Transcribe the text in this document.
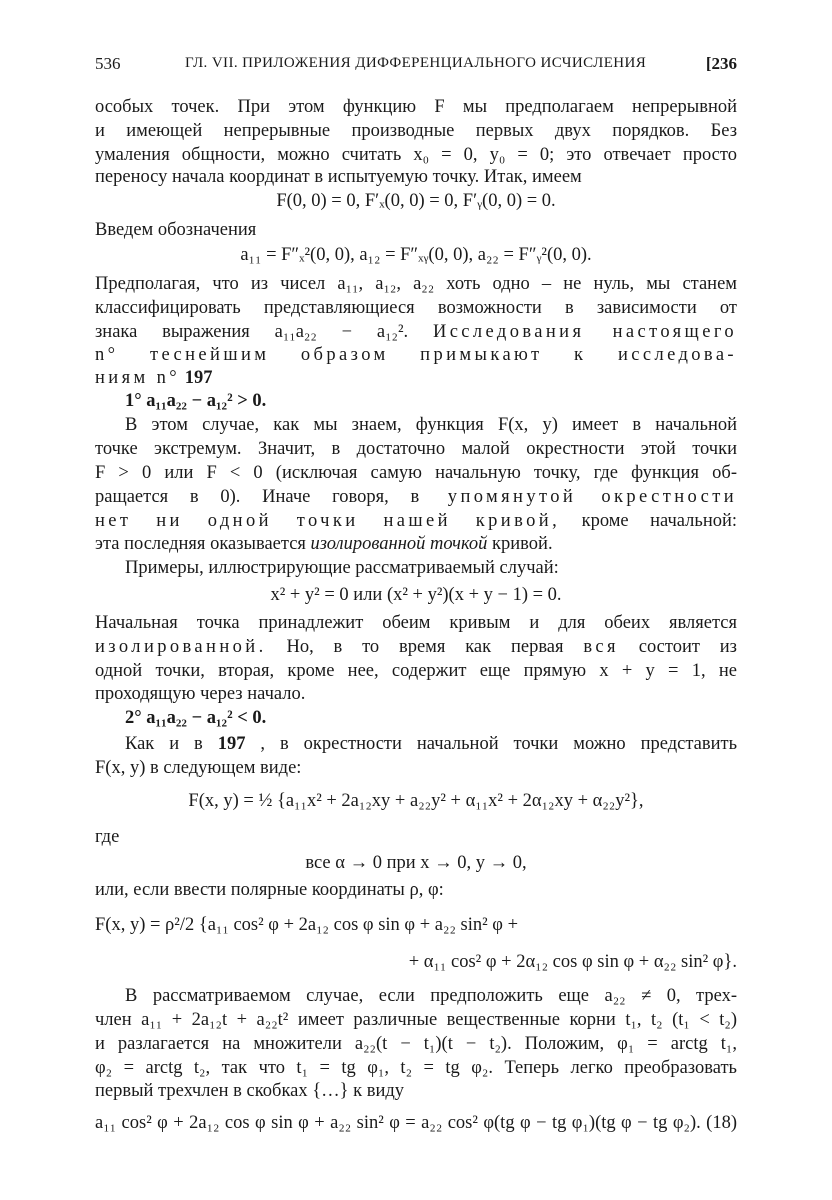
536	ГЛ. VII. ПРИЛОЖЕНИЯ ДИФФЕРЕНЦИАЛЬНОГО ИСЧИСЛЕНИЯ	[236
особых точек. При этом функцию F мы предполагаем непрерывной
и имеющей непрерывные производные первых двух порядков. Без
умаления общности, можно считать x₀ = 0, y₀ = 0; это отвечает просто
переносу начала координат в испытуемую точку. Итак, имеем
F(0, 0) = 0, F′ₓ(0, 0) = 0, F′ᵧ(0, 0) = 0.
Введем обозначения
a₁₁ = F″ₓ²(0, 0), a₁₂ = F″ₓᵧ(0, 0), a₂₂ = F″ᵧ²(0, 0).
Предполагая, что из чисел a₁₁, a₁₂, a₂₂ хоть одно – не нуль, мы станем
классифицировать представляющиеся возможности в зависимости от
знака выражения a₁₁a₂₂ − a₁₂². Исследования настоящего
n° теснейшим образом примыкают к исследова-
ниям n° 197
1° a₁₁a₂₂ − a₁₂² > 0.
В этом случае, как мы знаем, функция F(x, y) имеет в начальной
точке экстремум. Значит, в достаточно малой окрестности этой точки
F > 0 или F < 0 (исключая самую начальную точку, где функция об-
ращается в 0). Иначе говоря, в упомянутой окрестности
нет ни одной точки нашей кривой, кроме начальной:
эта последняя оказывается изолированной точкой кривой.
Примеры, иллюстрирующие рассматриваемый случай:
x² + y² = 0 или (x² + y²)(x + y − 1) = 0.
Начальная точка принадлежит обеим кривым и для обеих является
изолированной. Но, в то время как первая вся состоит из
одной точки, вторая, кроме нее, содержит еще прямую x + y = 1, не
проходящую через начало.
2° a₁₁a₂₂ − a₁₂² < 0.
Как и в 197 , в окрестности начальной точки можно представить
F(x, y) в следующем виде:
F(x, y) = ½ {a₁₁x² + 2a₁₂xy + a₂₂y² + α₁₁x² + 2α₁₂xy + α₂₂y²},
где
все α → 0 при x → 0, y → 0,
или, если ввести полярные координаты ρ, φ:
F(x, y) = ρ²/2 {a₁₁ cos² φ + 2a₁₂ cos φ sin φ + a₂₂ sin² φ +
+ α₁₁ cos² φ + 2α₁₂ cos φ sin φ + α₂₂ sin² φ}.
В рассматриваемом случае, если предположить еще a₂₂ ≠ 0, трех-
член a₁₁ + 2a₁₂t + a₂₂t² имеет различные вещественные корни t₁, t₂ (t₁ < t₂)
и разлагается на множители a₂₂(t − t₁)(t − t₂). Положим, φ₁ = arctg t₁,
φ₂ = arctg t₂, так что t₁ = tg φ₁, t₂ = tg φ₂. Теперь легко преобразовать
первый трехчлен в скобках {…} к виду
a₁₁ cos² φ + 2a₁₂ cos φ sin φ + a₂₂ sin² φ = a₂₂ cos² φ(tg φ − tg φ₁)(tg φ − tg φ₂). (18)
